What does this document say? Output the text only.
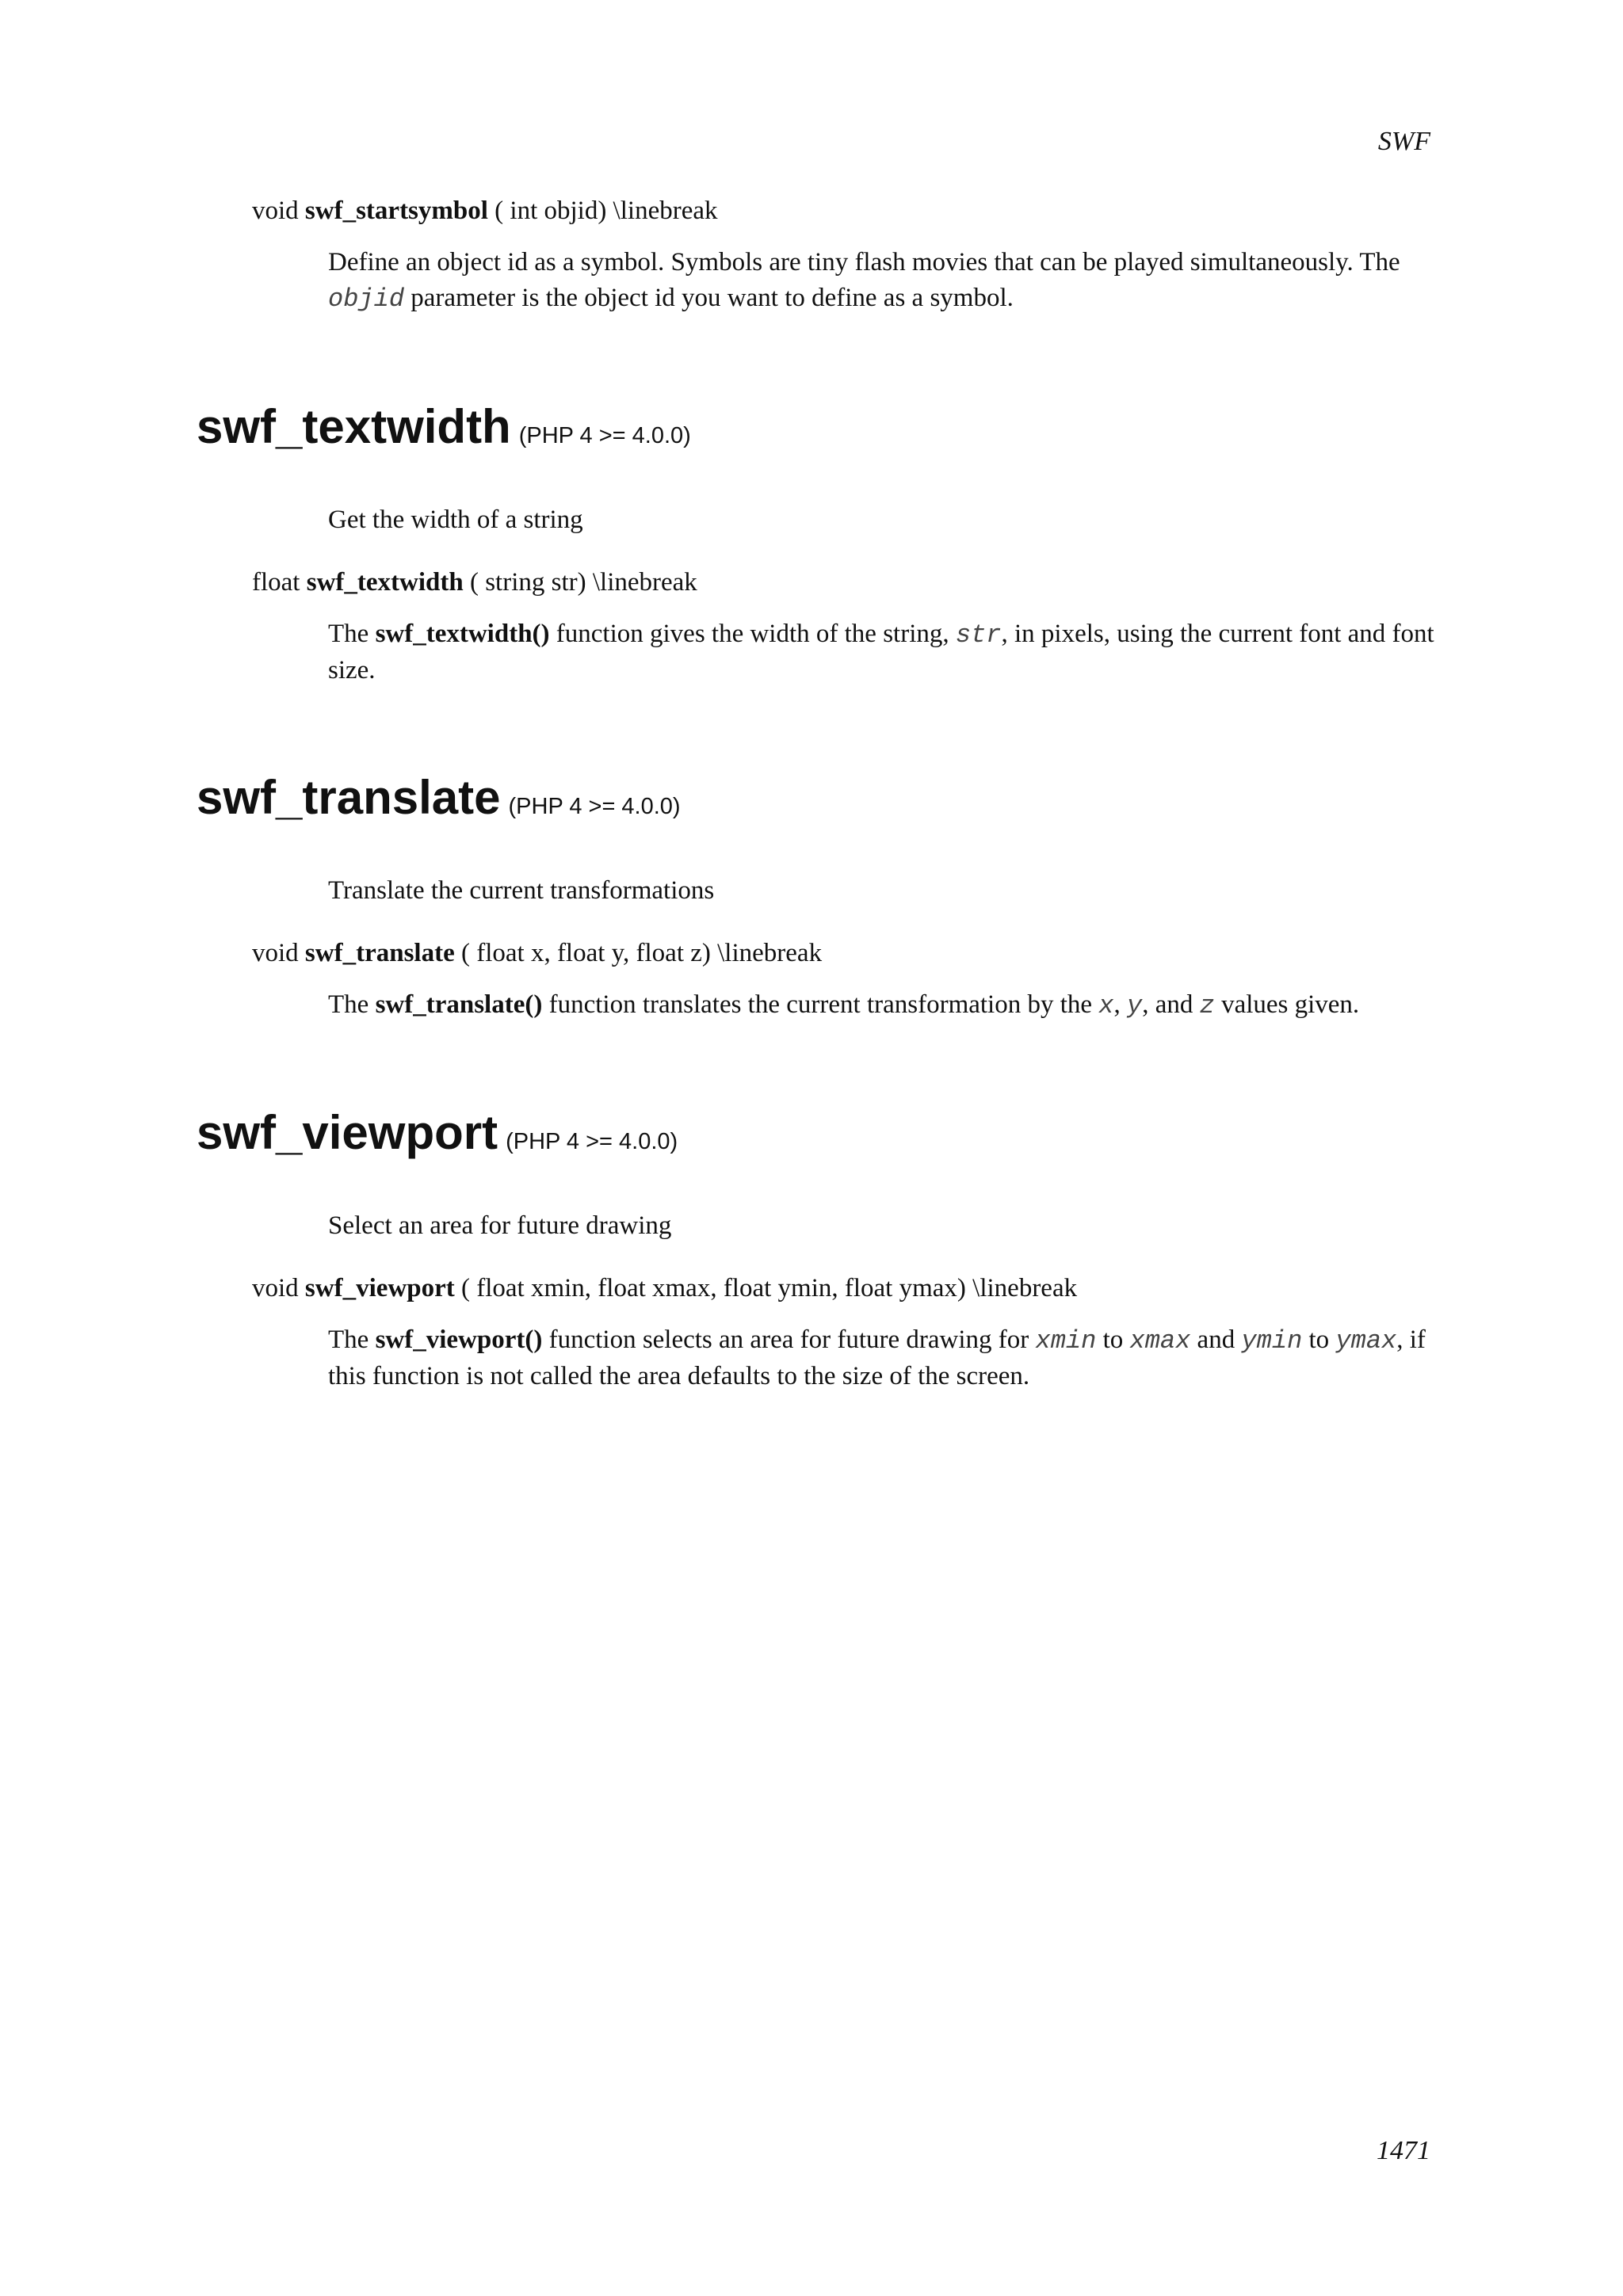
SWF
void swf_startsymbol ( int objid) \linebreak
Define an object id as a symbol. Symbols are tiny flash movies that can be played simultaneously. The objid parameter is the object id you want to define as a symbol.
swf_textwidth (PHP 4 >= 4.0.0)
Get the width of a string
float swf_textwidth ( string str) \linebreak
The swf_textwidth() function gives the width of the string, str, in pixels, using the current font and font size.
swf_translate (PHP 4 >= 4.0.0)
Translate the current transformations
void swf_translate ( float x, float y, float z) \linebreak
The swf_translate() function translates the current transformation by the x, y, and z values given.
swf_viewport (PHP 4 >= 4.0.0)
Select an area for future drawing
void swf_viewport ( float xmin, float xmax, float ymin, float ymax) \linebreak
The swf_viewport() function selects an area for future drawing for xmin to xmax and ymin to ymax, if this function is not called the area defaults to the size of the screen.
1471
